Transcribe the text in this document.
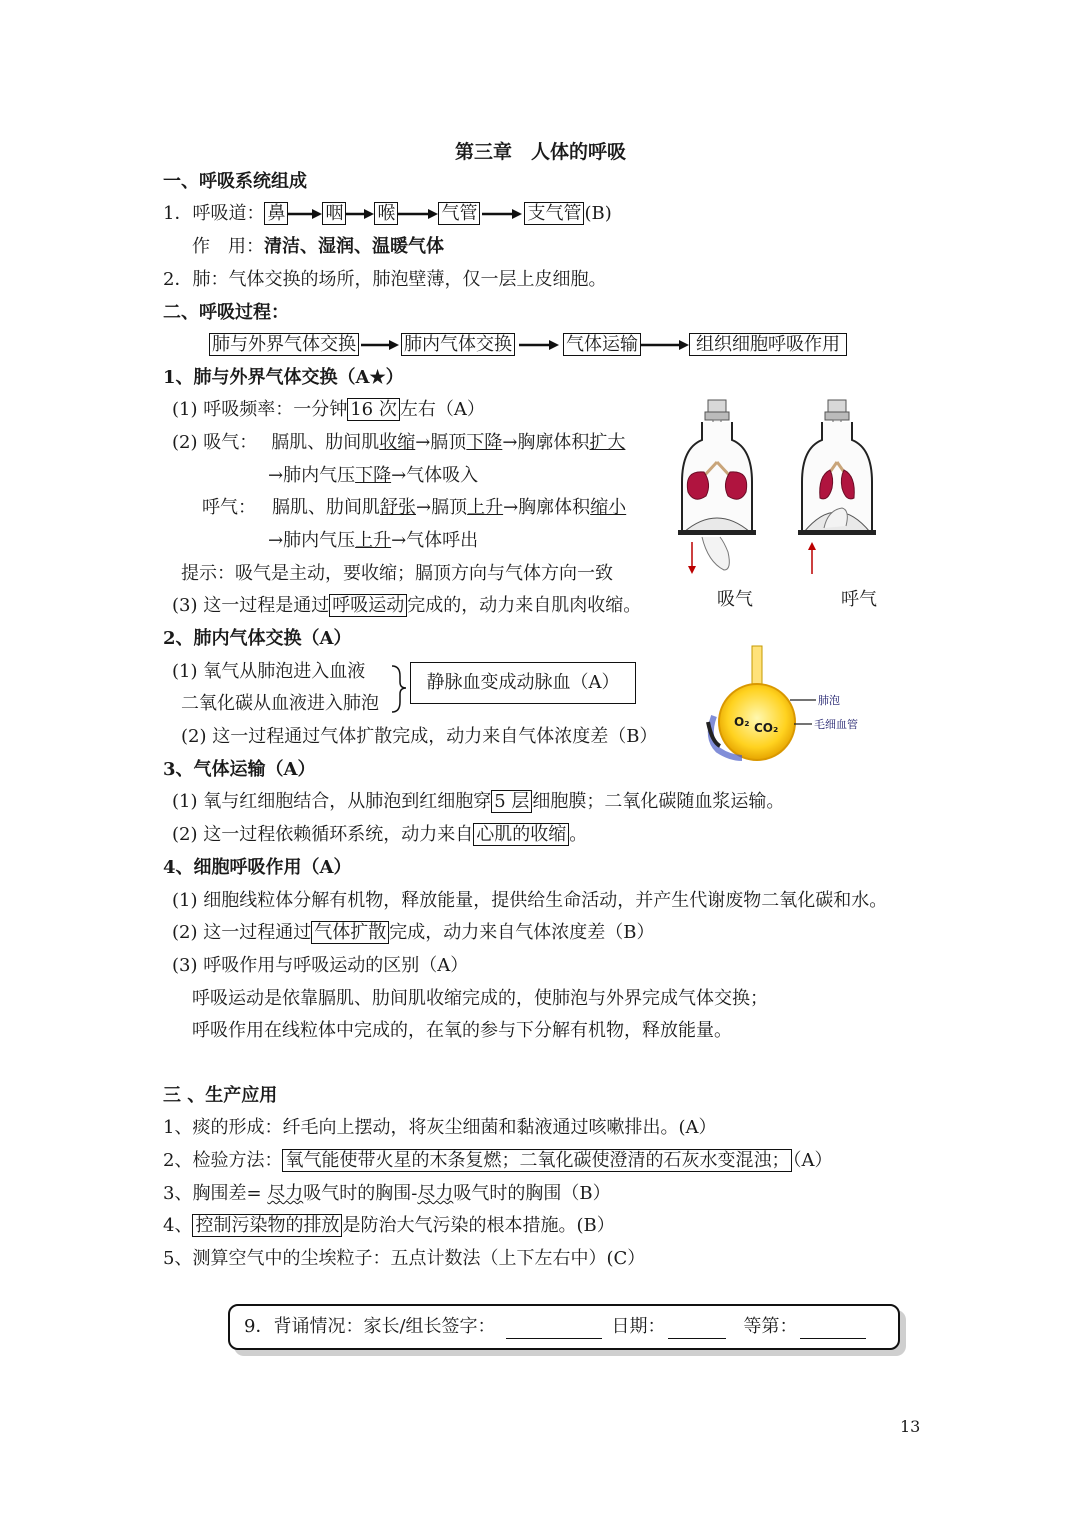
第三章　人体的呼吸
一、呼吸系统组成
1．呼吸道： 鼻 咽 喉	气管	支气管 (B)
作　用：清洁、湿润、温暖气体
2．肺：气体交换的场所，肺泡壁薄，仅一层上皮细胞。
二、呼吸过程：
肺与外界气体交换	肺内气体交换	气体运输	组织细胞呼吸作用
1、肺与外界气体交换（A★）
(1) 呼吸频率：一分钟 16 次 左右（A）
(2) 吸气： 膈肌、肋间肌收缩→膈顶下降→胸廓体积扩大
→肺内气压下降→气体吸入
呼气： 膈肌、肋间肌舒张→膈顶上升→胸廓体积缩小
→肺内气压上升→气体呼出
提示：吸气是主动，要收缩；膈顶方向与气体方向一致
(3) 这一过程是通过 呼吸运动 完成的，动力来自肌肉收缩。	吸气	呼气
2、肺内气体交换（A）
(1) 氧气从肺泡进入血液
二氧化碳从血液进入肺泡
静脉血变成动脉血（A）
(2) 这一过程通过气体扩散完成，动力来自气体浓度差（B）
O₂ CO₂
肺泡
毛细血管
3、气体运输（A）
(1) 氧与红细胞结合，从肺泡到红细胞穿 5 层 细胞膜；二氧化碳随血浆运输。
(2) 这一过程依赖循环系统，动力来自 心肌的收缩 。
4、细胞呼吸作用（A）
(1) 细胞线粒体分解有机物，释放能量，提供给生命活动，并产生代谢废物二氧化碳和水。
(2) 这一过程通过 气体扩散 完成，动力来自气体浓度差（B）
(3) 呼吸作用与呼吸运动的区别（A）
呼吸运动是依靠膈肌、肋间肌收缩完成的，使肺泡与外界完成气体交换；
呼吸作用在线粒体中完成的，在氧的参与下分解有机物，释放能量。
三 、生产应用
1、痰的形成：纤毛向上摆动，将灰尘细菌和黏液通过咳嗽排出。(A）
2、检验方法： 氧气能使带火星的木条复燃；二氧化碳使澄清的石灰水变混浊； （A）
3、胸围差= 尽力吸气时的胸围-尽力吸气时的胸围（B）
4、 控制污染物的排放 是防治大气污染的根本措施。(B）
5、测算空气中的尘埃粒子：五点计数法（上下左右中）(C）
9．背诵情况：家长/组长签字：	日期：	等第：
13
